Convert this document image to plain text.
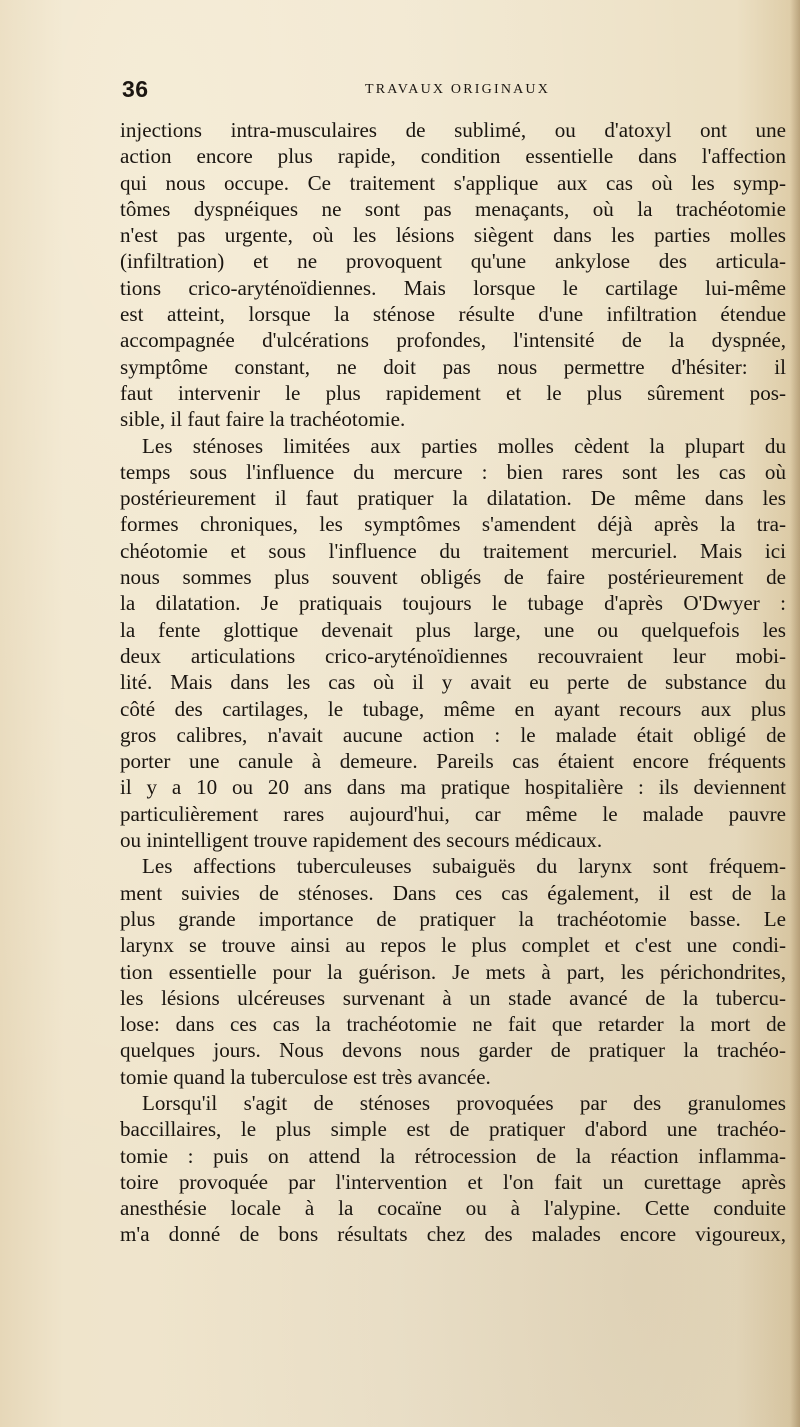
36	TRAVAUX ORIGINAUX
injections intra-musculaires de sublimé, ou d'atoxyl ont une
action encore plus rapide, condition essentielle dans l'affection
qui nous occupe. Ce traitement s'applique aux cas où les symp-
tômes dyspnéiques ne sont pas menaçants, où la trachéotomie
n'est pas urgente, où les lésions siègent dans les parties molles
(infiltration) et ne provoquent qu'une ankylose des articula-
tions crico-aryténoïdiennes. Mais lorsque le cartilage lui-même
est atteint, lorsque la sténose résulte d'une infiltration étendue
accompagnée d'ulcérations profondes, l'intensité de la dyspnée,
symptôme constant, ne doit pas nous permettre d'hésiter: il
faut intervenir le plus rapidement et le plus sûrement pos-
sible, il faut faire la trachéotomie.
Les sténoses limitées aux parties molles cèdent la plupart du
temps sous l'influence du mercure : bien rares sont les cas où
postérieurement il faut pratiquer la dilatation. De même dans les
formes chroniques, les symptômes s'amendent déjà après la tra-
chéotomie et sous l'influence du traitement mercuriel. Mais ici
nous sommes plus souvent obligés de faire postérieurement de
la dilatation. Je pratiquais toujours le tubage d'après O'Dwyer :
la fente glottique devenait plus large, une ou quelquefois les
deux articulations crico-aryténoïdiennes recouvraient leur mobi-
lité. Mais dans les cas où il y avait eu perte de substance du
côté des cartilages, le tubage, même en ayant recours aux plus
gros calibres, n'avait aucune action : le malade était obligé de
porter une canule à demeure. Pareils cas étaient encore fréquents
il y a 10 ou 20 ans dans ma pratique hospitalière : ils deviennent
particulièrement rares aujourd'hui, car même le malade pauvre
ou inintelligent trouve rapidement des secours médicaux.
Les affections tuberculeuses subaiguës du larynx sont fréquem-
ment suivies de sténoses. Dans ces cas également, il est de la
plus grande importance de pratiquer la trachéotomie basse. Le
larynx se trouve ainsi au repos le plus complet et c'est une condi-
tion essentielle pour la guérison. Je mets à part, les périchondrites,
les lésions ulcéreuses survenant à un stade avancé de la tubercu-
lose: dans ces cas la trachéotomie ne fait que retarder la mort de
quelques jours. Nous devons nous garder de pratiquer la trachéo-
tomie quand la tuberculose est très avancée.
Lorsqu'il s'agit de sténoses provoquées par des granulomes
baccillaires, le plus simple est de pratiquer d'abord une trachéo-
tomie : puis on attend la rétrocession de la réaction inflamma-
toire provoquée par l'intervention et l'on fait un curettage après
anesthésie locale à la cocaïne ou à l'alypine. Cette conduite
m'a donné de bons résultats chez des malades encore vigoureux,
